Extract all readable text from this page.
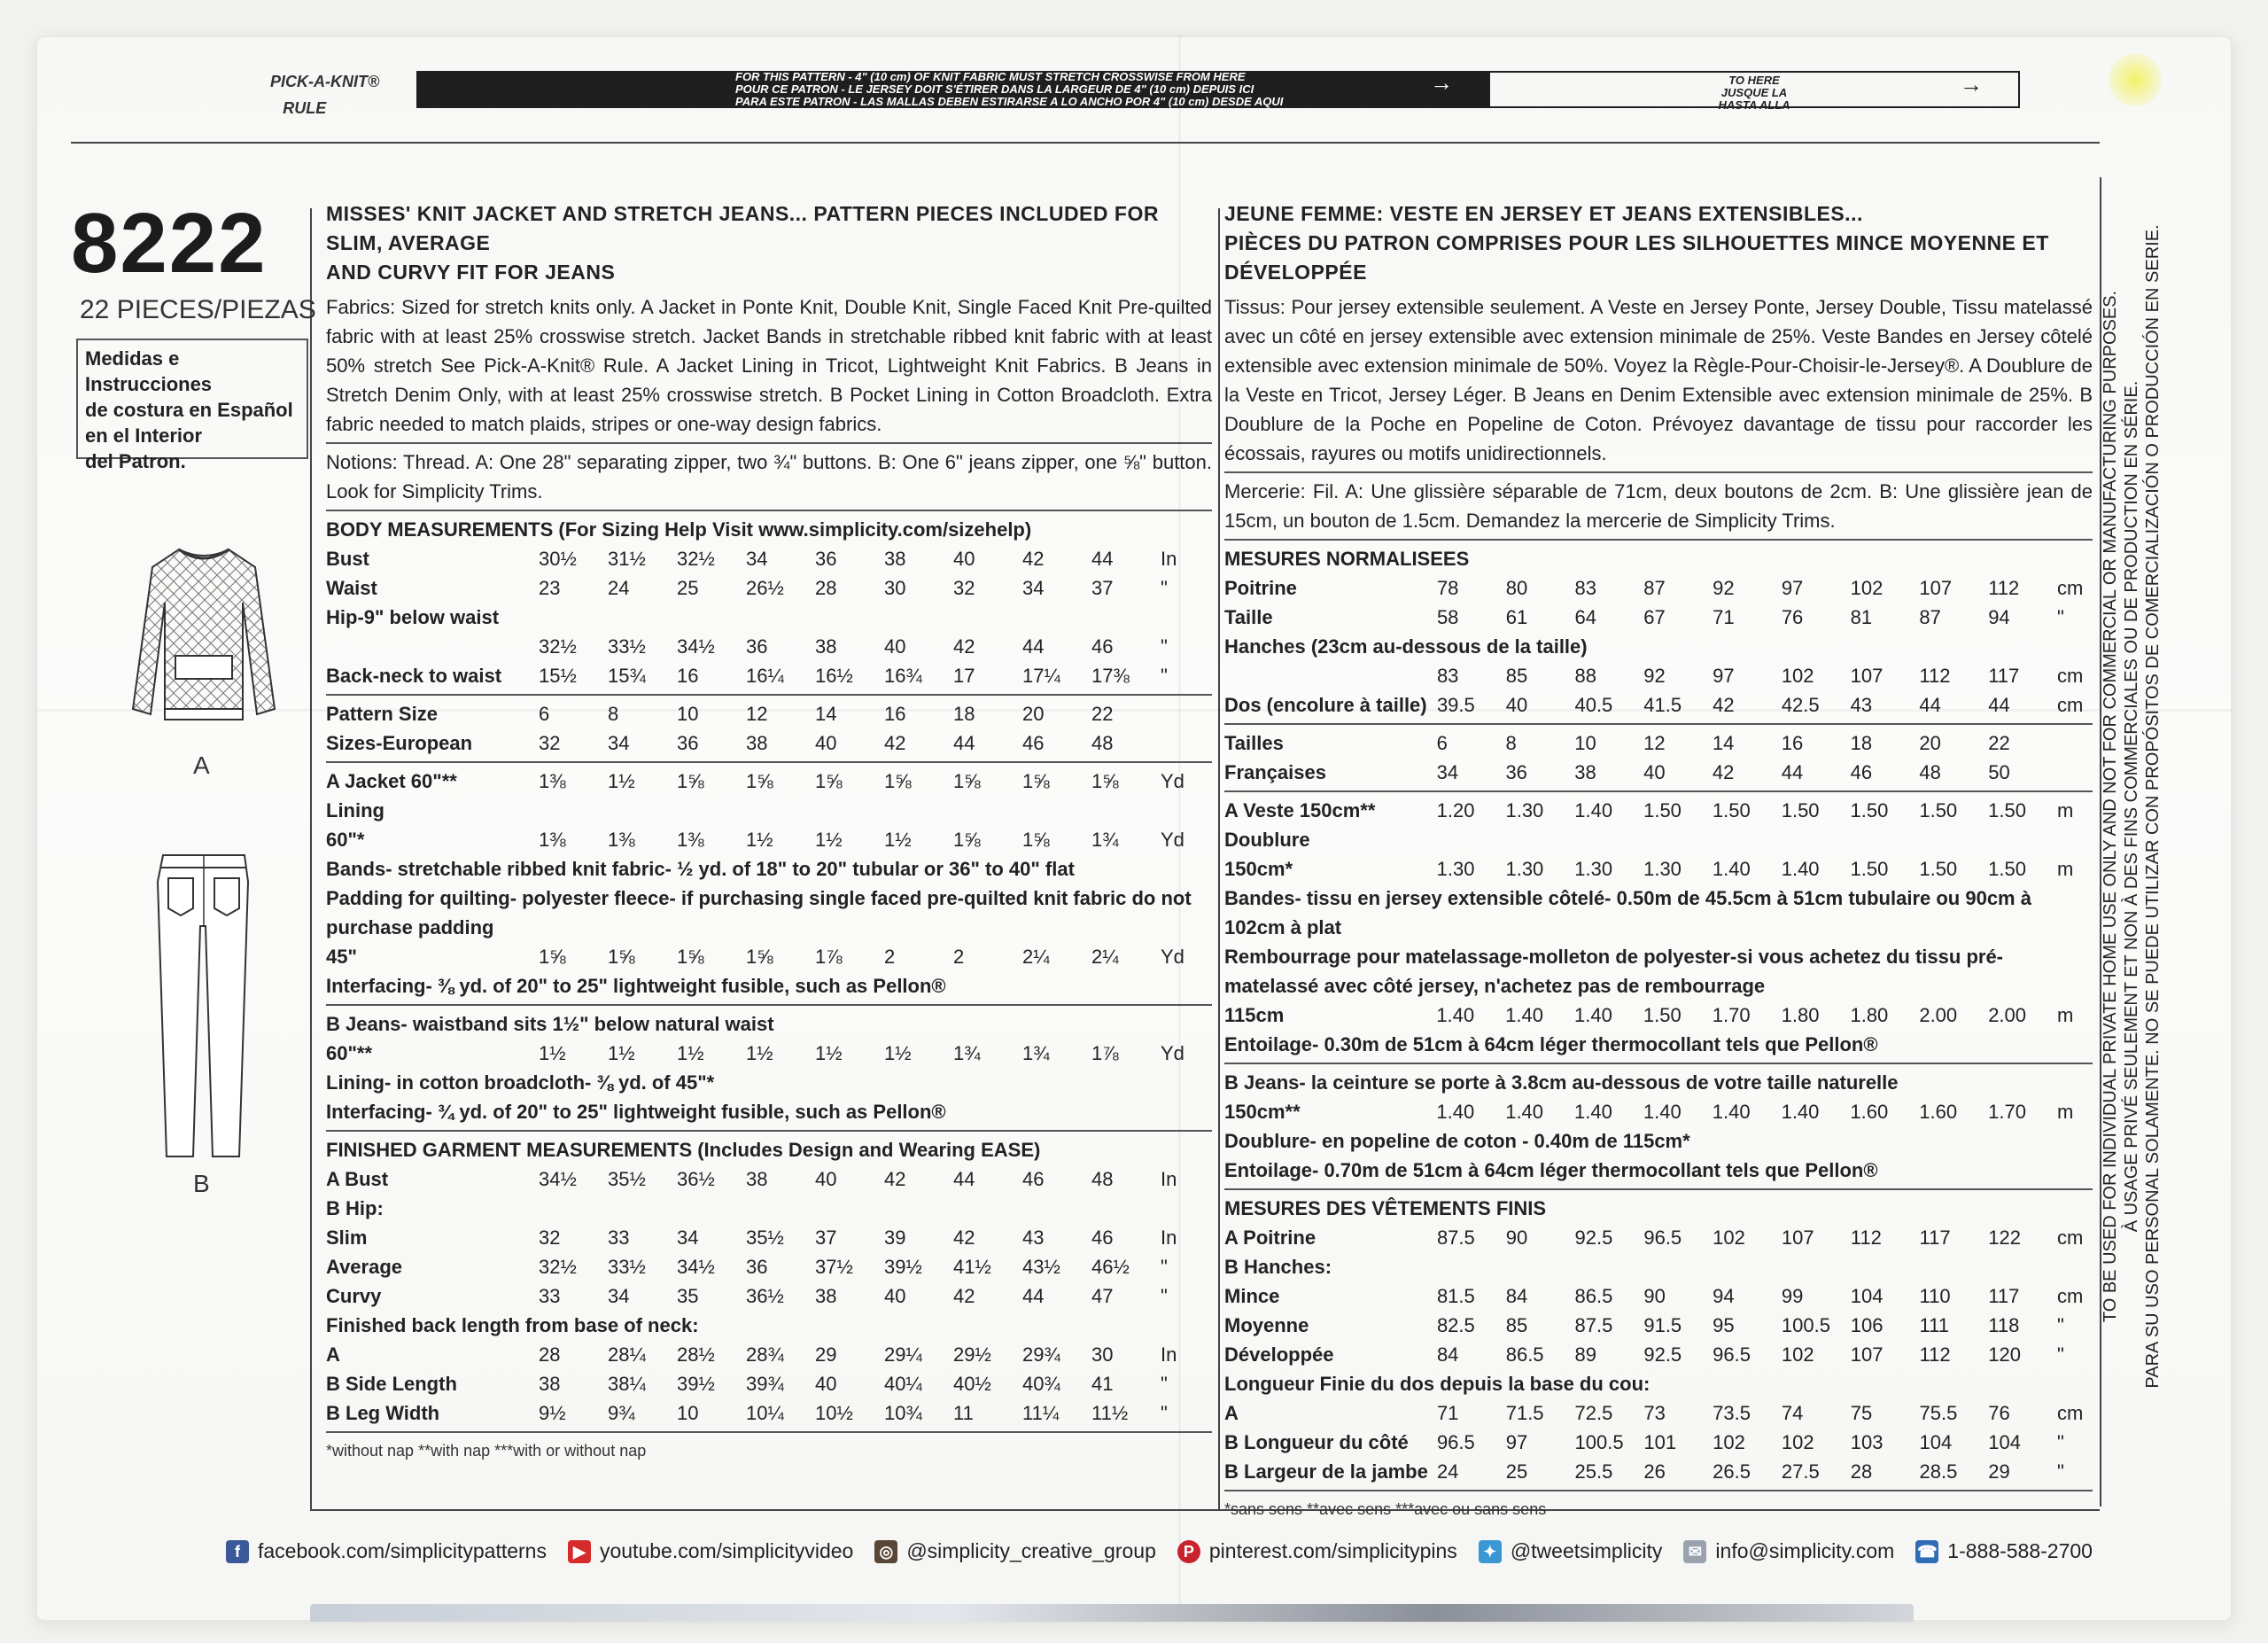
PICK-A-KNIT®
RULE
FOR THIS PATTERN - 4" (10 cm) OF KNIT FABRIC MUST STRETCH CROSSWISE FROM HERE
POUR CE PATRON - LE JERSEY DOIT S'ÉTIRER DANS LA LARGEUR DE 4" (10 cm) DEPUIS ICI
PARA ESTE PATRON - LAS MALLAS DEBEN ESTIRARSE A LO ANCHO POR 4" (10 cm) DESDE AQUI
→	TO HERE
JUSQUE LA
HASTA ALLA
→
8222
22 PIECES/PIEZAS
Medidas e Instrucciones
de costura en Español
en el Interior
del Patron.
A
B
MISSES' KNIT JACKET AND STRETCH JEANS... PATTERN PIECES INCLUDED FOR SLIM, AVERAGE
AND CURVY FIT FOR JEANS
Fabrics: Sized for stretch knits only. A Jacket in Ponte Knit, Double Knit, Single Faced Knit Pre-quilted fabric with at least 25% crosswise stretch. Jacket Bands in stretchable ribbed knit fabric with at least 50% stretch See Pick-A-Knit® Rule. A Jacket Lining in Tricot, Lightweight Knit Fabrics. B Jeans in Stretch Denim Only, with at least 25% crosswise stretch. B Pocket Lining in Cotton Broadcloth. Extra fabric needed to match plaids, stripes or one-way design fabrics.
Notions: Thread. A: One 28" separating zipper, two ¾" buttons. B: One 6" jeans zipper, one ⅝" button. Look for Simplicity Trims.
BODY MEASUREMENTS (For Sizing Help Visit www.simplicity.com/sizehelp)
Bust	30½	31½	32½	34	36	38	40	42	44	In
Waist	23	24	25	26½	28	30	32	34	37	"
Hip-9" below waist										
	32½	33½	34½	36	38	40	42	44	46	"
Back-neck to waist	15½	15¾	16	16¼	16½	16¾	17	17¼	17⅜	"
Pattern Size	6	8	10	12	14	16	18	20	22	
Sizes-European	32	34	36	38	40	42	44	46	48	
A Jacket 60"**	1⅜	1½	1⅝	1⅝	1⅝	1⅝	1⅝	1⅝	1⅝	Yd
Lining										
60"*	1⅜	1⅜	1⅜	1½	1½	1½	1⅝	1⅝	1¾	Yd
Bands- stretchable ribbed knit fabric- ½ yd. of 18" to 20" tubular or 36" to 40" flat
Padding for quilting- polyester fleece- if purchasing single faced pre-quilted knit fabric do not purchase padding
45"	1⅝	1⅝	1⅝	1⅝	1⅞	2	2	2¼	2¼	Yd
Interfacing- ⅜ yd. of 20" to 25" lightweight fusible, such as Pellon®
B Jeans- waistband sits 1½" below natural waist
60"**	1½	1½	1½	1½	1½	1½	1¾	1¾	1⅞	Yd
Lining- in cotton broadcloth- ⅜ yd. of 45"*
Interfacing- ¾ yd. of 20" to 25" lightweight fusible, such as Pellon®
FINISHED GARMENT MEASUREMENTS (Includes Design and Wearing EASE)
A Bust	34½	35½	36½	38	40	42	44	46	48	In
B Hip:										
Slim	32	33	34	35½	37	39	42	43	46	In
Average	32½	33½	34½	36	37½	39½	41½	43½	46½	"
Curvy	33	34	35	36½	38	40	42	44	47	"
Finished back length from base of neck:										
A	28	28¼	28½	28¾	29	29¼	29½	29¾	30	In
B Side Length	38	38¼	39½	39¾	40	40¼	40½	40¾	41	"
B Leg Width	9½	9¾	10	10¼	10½	10¾	11	11¼	11½	"
*without nap **with nap ***with or without nap
JEUNE FEMME: VESTE EN JERSEY ET JEANS EXTENSIBLES...
PIÈCES DU PATRON COMPRISES POUR LES SILHOUETTES MINCE MOYENNE ET DÉVELOPPÉE
Tissus: Pour jersey extensible seulement. A Veste en Jersey Ponte, Jersey Double, Tissu matelassé avec un côté en jersey extensible avec extension minimale de 25%. Veste Bandes en Jersey côtelé extensible avec extension minimale de 50%. Voyez la Règle-Pour-Choisir-le-Jersey®. A Doublure de la Veste en Tricot, Jersey Léger. B Jeans en Denim Extensible avec extension minimale de 25%. B Doublure de la Poche en Popeline de Coton. Prévoyez davantage de tissu pour raccorder les écossais, rayures ou motifs unidirectionnels.
Mercerie: Fil. A: Une glissière séparable de 71cm, deux boutons de 2cm. B: Une glissière jean de 15cm, un bouton de 1.5cm. Demandez la mercerie de Simplicity Trims.
MESURES NORMALISEES
Poitrine	78	80	83	87	92	97	102	107	112	cm
Taille	58	61	64	67	71	76	81	87	94	"
Hanches (23cm au-dessous de la taille)										
	83	85	88	92	97	102	107	112	117	cm
Dos (encolure à taille)	39.5	40	40.5	41.5	42	42.5	43	44	44	cm
Tailles	6	8	10	12	14	16	18	20	22	
Françaises	34	36	38	40	42	44	46	48	50	
A Veste 150cm**	1.20	1.30	1.40	1.50	1.50	1.50	1.50	1.50	1.50	m
Doublure										
150cm*	1.30	1.30	1.30	1.30	1.40	1.40	1.50	1.50	1.50	m
Bandes- tissu en jersey extensible côtelé- 0.50m de 45.5cm à 51cm tubulaire ou 90cm à 102cm à plat
Rembourrage pour matelassage-molleton de polyester-si vous achetez du tissu pré-matelassé avec côté jersey, n'achetez pas de rembourrage
115cm	1.40	1.40	1.40	1.50	1.70	1.80	1.80	2.00	2.00	m
Entoilage- 0.30m de 51cm à 64cm léger thermocollant tels que Pellon®
B Jeans- la ceinture se porte à 3.8cm au-dessous de votre taille naturelle
150cm**	1.40	1.40	1.40	1.40	1.40	1.40	1.60	1.60	1.70	m
Doublure- en popeline de coton - 0.40m de 115cm*
Entoilage- 0.70m de 51cm à 64cm léger thermocollant tels que Pellon®
MESURES DES VÊTEMENTS FINIS
A Poitrine	87.5	90	92.5	96.5	102	107	112	117	122	cm
B Hanches:										
Mince	81.5	84	86.5	90	94	99	104	110	117	cm
Moyenne	82.5	85	87.5	91.5	95	100.5	106	111	118	"
Développée	84	86.5	89	92.5	96.5	102	107	112	120	"
Longueur Finie du dos depuis la base du cou:										
A	71	71.5	72.5	73	73.5	74	75	75.5	76	cm
B Longueur du côté	96.5	97	100.5	101	102	102	103	104	104	"
B Largeur de la jambe	24	25	25.5	26	26.5	27.5	28	28.5	29	"
*sans sens **avec sens ***avec ou sans sens
TO BE USED FOR INDIVIDUAL PRIVATE HOME USE ONLY AND NOT FOR COMMERCIAL OR MANUFACTURING PURPOSES. À USAGE PRIVÉ SEULEMENT ET NON À DES FINS COMMERCIALES OU DE PRODUCTION EN SÉRIE. PARA SU USO PERSONAL SOLAMENTE. NO SE PUEDE UTILIZAR CON PROPÓSITOS DE COMERCIALIZACIÓN O PRODUCCIÓN EN SERIE.
f facebook.com/simplicitypatterns	▶ youtube.com/simplicityvideo ◎ @simplicity_creative_group	P pinterest.com/simplicitypins	✦ @tweetsimplicity	✉ info@simplicity.com ☎ 1-888-588-2700
